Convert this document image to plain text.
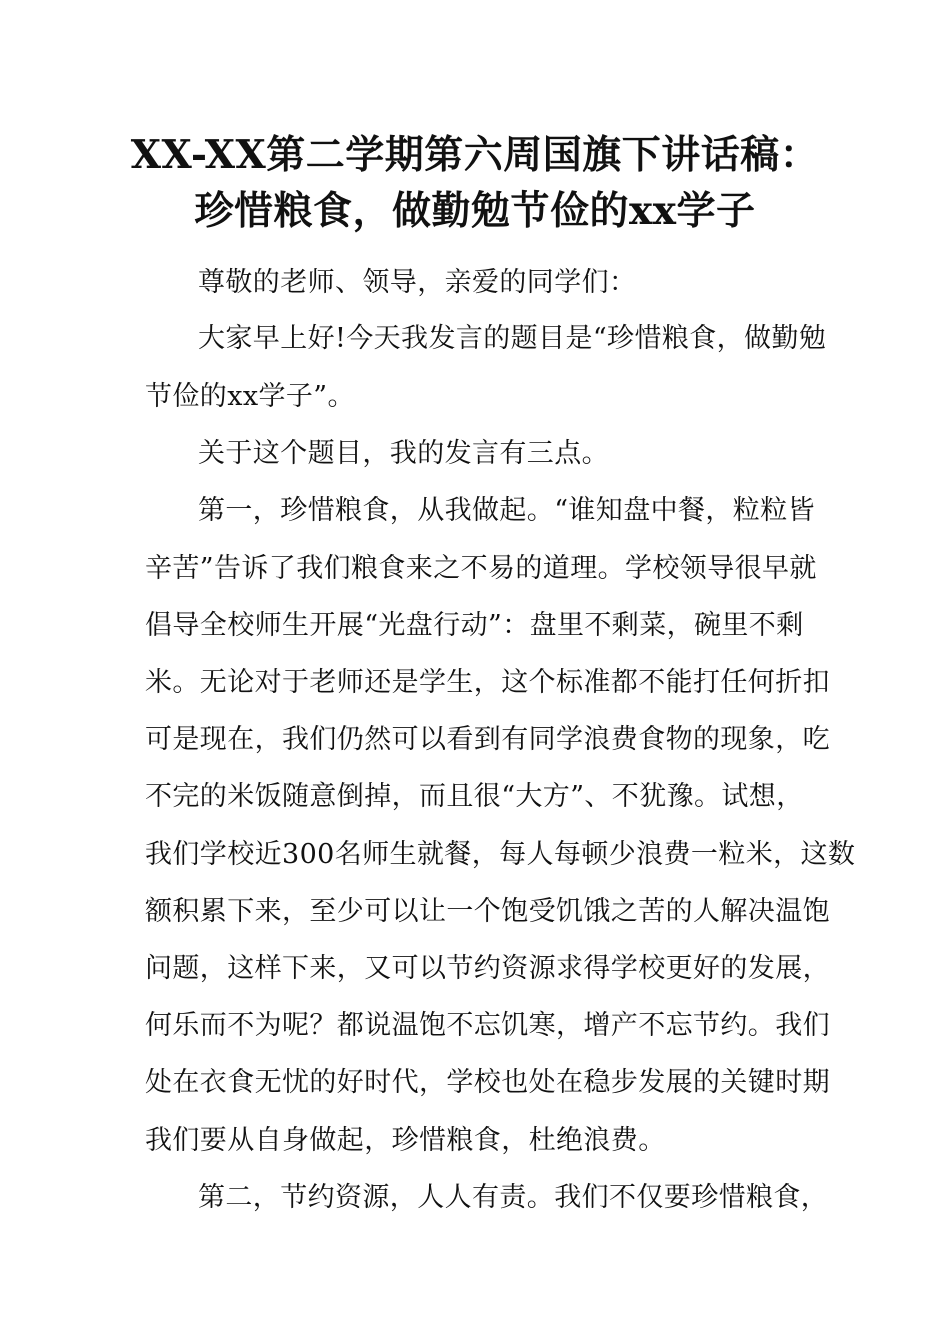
XX-XX第二学期第六周国旗下讲话稿：
珍惜粮食，做勤勉节俭的xx学子
尊敬的老师、领导，亲爱的同学们：
大家早上好!今天我发言的题目是“珍惜粮食，做勤勉
节俭的xx学子”。
关于这个题目，我的发言有三点。
第一，珍惜粮食，从我做起。“谁知盘中餐，粒粒皆
辛苦”告诉了我们粮食来之不易的道理。学校领导很早就
倡导全校师生开展“光盘行动”：盘里不剩菜，碗里不剩
米。无论对于老师还是学生，这个标准都不能打任何折扣
可是现在，我们仍然可以看到有同学浪费食物的现象，吃
不完的米饭随意倒掉，而且很“大方”、不犹豫。试想，
我们学校近300名师生就餐，每人每顿少浪费一粒米，这数
额积累下来，至少可以让一个饱受饥饿之苦的人解决温饱
问题，这样下来，又可以节约资源求得学校更好的发展，
何乐而不为呢？都说温饱不忘饥寒，增产不忘节约。我们
处在衣食无忧的好时代，学校也处在稳步发展的关键时期
我们要从自身做起，珍惜粮食，杜绝浪费。
第二，节约资源，人人有责。我们不仅要珍惜粮食，
